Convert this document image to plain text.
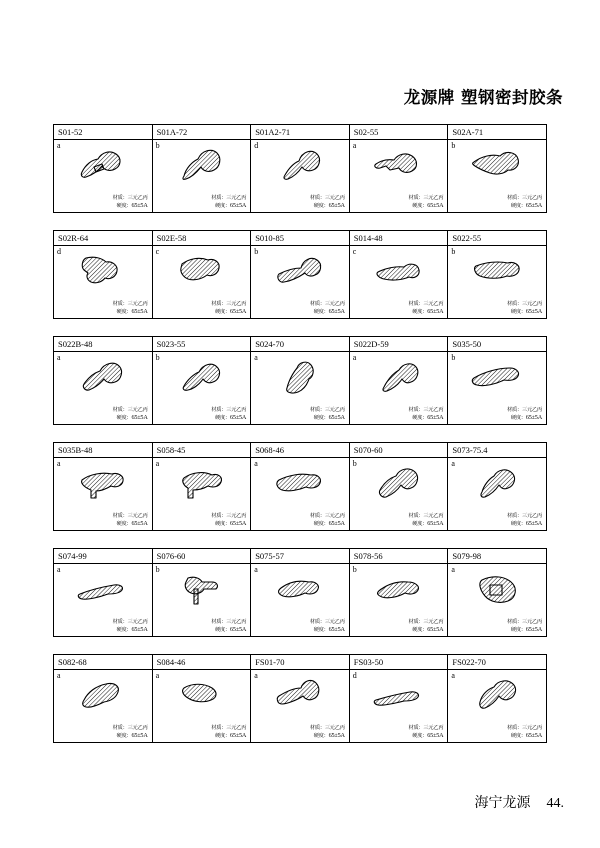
龙源牌 塑钢密封胶条
S01-52
a
材质：三元乙丙
硬度：65±5A
S01A-72
b
材质：三元乙丙
硬度：65±5A
S01A2-71
d
材质：三元乙丙
硬度：65±5A
S02-55
a
材质：三元乙丙
硬度：65±5A
S02A-71
b
材质：三元乙丙
硬度：65±5A
S02R-64
d
材质：三元乙丙
硬度：65±5A
S02E-58
c
材质：三元乙丙
硬度：65±5A
S010-85
b
材质：三元乙丙
硬度：65±5A
S014-48
c
材质：三元乙丙
硬度：65±5A
S022-55
b
材质：三元乙丙
硬度：65±5A
S022B-48
a
材质：三元乙丙
硬度：65±5A
S023-55
b
材质：三元乙丙
硬度：65±5A
S024-70
a
材质：三元乙丙
硬度：65±5A
S022D-59
a
材质：三元乙丙
硬度：65±5A
S035-50
b
材质：三元乙丙
硬度：65±5A
S035B-48
a
材质：三元乙丙
硬度：65±5A
S058-45
a
材质：三元乙丙
硬度：65±5A
S068-46
a
材质：三元乙丙
硬度：65±5A
S070-60
b
材质：三元乙丙
硬度：65±5A
S073-75.4
a
材质：三元乙丙
硬度：65±5A
S074-99
a
材质：三元乙丙
硬度：65±5A
S076-60
b
材质：三元乙丙
硬度：65±5A
S075-57
a
材质：三元乙丙
硬度：65±5A
S078-56
b
材质：三元乙丙
硬度：65±5A
S079-98
a
材质：三元乙丙
硬度：65±5A
S082-68
a
材质：三元乙丙
硬度：65±5A
S084-46
a
材质：三元乙丙
硬度：65±5A
FS01-70
a
材质：三元乙丙
硬度：65±5A
FS03-50
d
材质：三元乙丙
硬度：65±5A
FS022-70
a
材质：三元乙丙
硬度：65±5A
海宁龙源 44.
